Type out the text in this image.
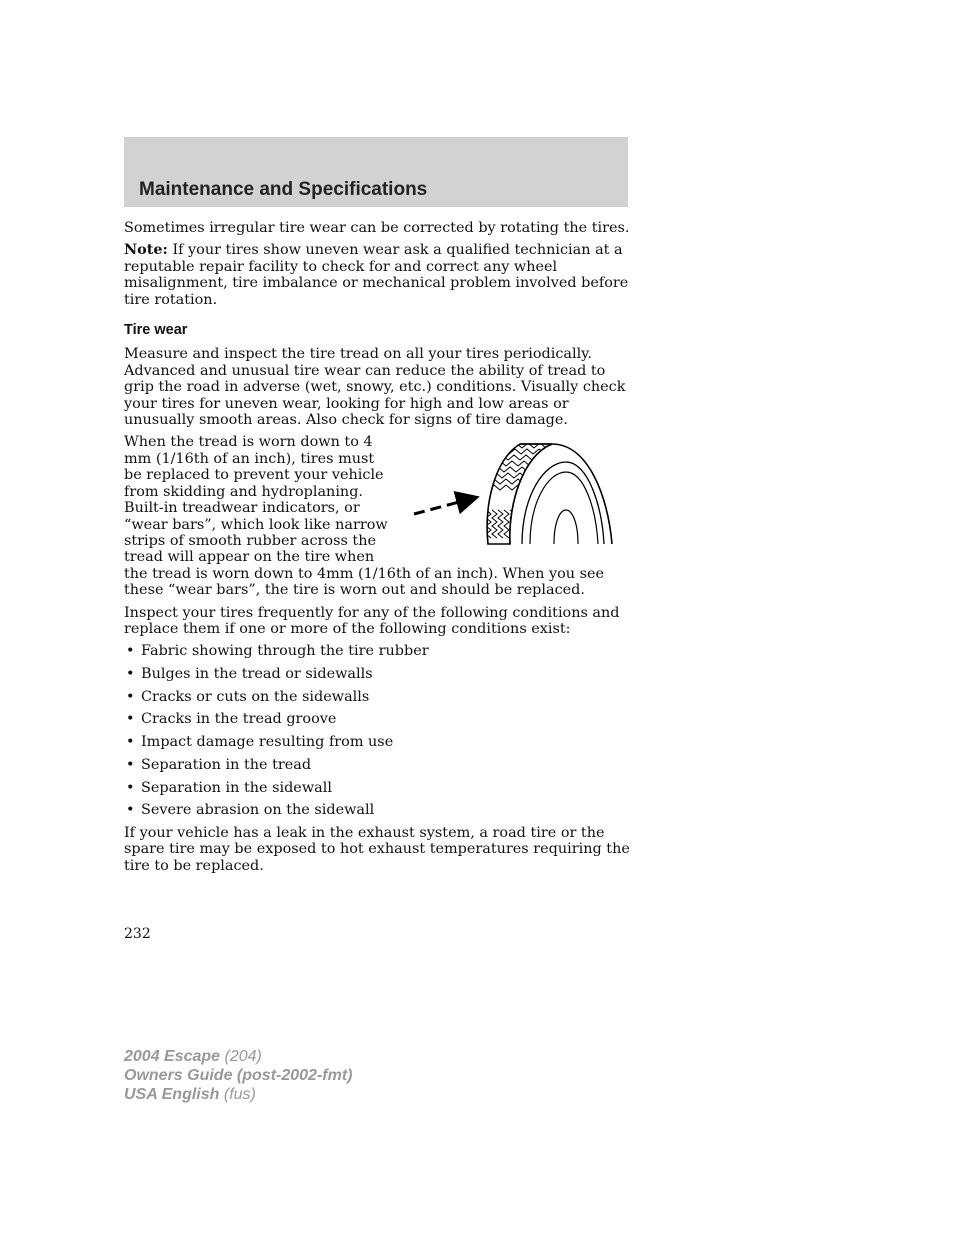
Maintenance and Specifications

Sometimes irregular tire wear can be corrected by rotating the tires.

Note: If your tires show uneven wear ask a qualified technician at a reputable repair facility to check for and correct any wheel misalignment, tire imbalance or mechanical problem involved before tire rotation.

Tire wear

Measure and inspect the tire tread on all your tires periodically. Advanced and unusual tire wear can reduce the ability of tread to grip the road in adverse (wet, snowy, etc.) conditions. Visually check your tires for uneven wear, looking for high and low areas or unusually smooth areas. Also check for signs of tire damage.

When the tread is worn down to 4 mm (1/16th of an inch), tires must be replaced to prevent your vehicle from skidding and hydroplaning. Built-in treadwear indicators, or “wear bars”, which look like narrow strips of smooth rubber across the tread will appear on the tire when the tread is worn down to 4mm (1/16th of an inch). When you see these “wear bars”, the tire is worn out and should be replaced.

Inspect your tires frequently for any of the following conditions and replace them if one or more of the following conditions exist:

• Fabric showing through the tire rubber
• Bulges in the tread or sidewalls
• Cracks or cuts on the sidewalls
• Cracks in the tread groove
• Impact damage resulting from use
• Separation in the tread
• Separation in the sidewall
• Severe abrasion on the sidewall

If your vehicle has a leak in the exhaust system, a road tire or the spare tire may be exposed to hot exhaust temperatures requiring the tire to be replaced.

232
2004 Escape (204)
Owners Guide (post-2002-fmt)
USA English (fus)
